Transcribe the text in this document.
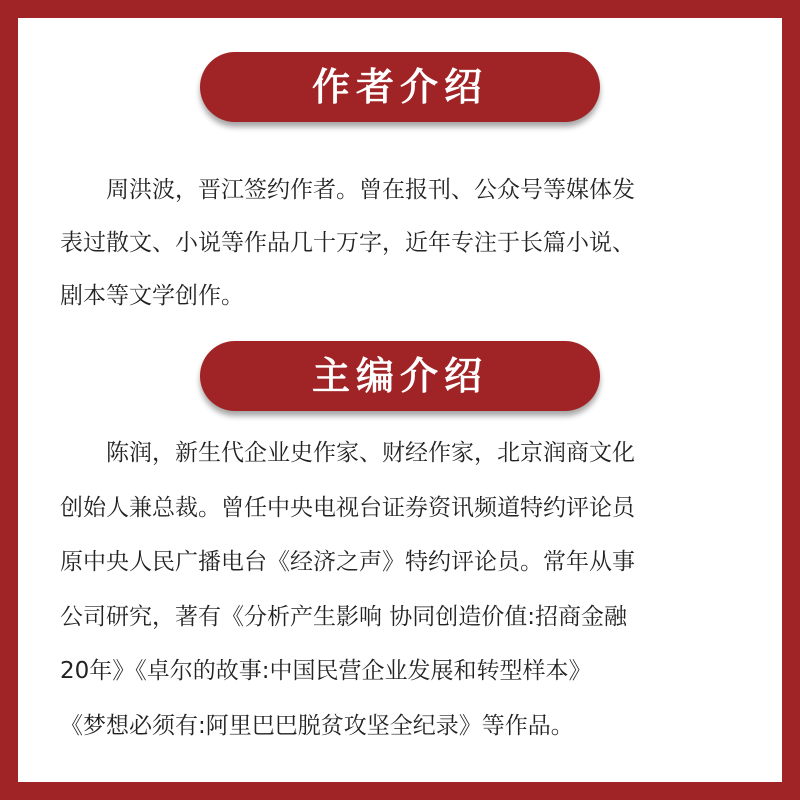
作者介绍
　　周洪波，晋江签约作者。曾在报刊、公众号等媒体发
表过散文、小说等作品几十万字，近年专注于长篇小说、
剧本等文学创作。
主编介绍
　　陈润，新生代企业史作家、财经作家，北京润商文化
创始人兼总裁。曾任中央电视台证券资讯频道特约评论员
原中央人民广播电台《经济之声》特约评论员。常年从事
公司研究，著有《分析产生影响 协同创造价值:招商金融
20年》《卓尔的故事:中国民营企业发展和转型样本》
《梦想必须有:阿里巴巴脱贫攻坚全纪录》等作品。
